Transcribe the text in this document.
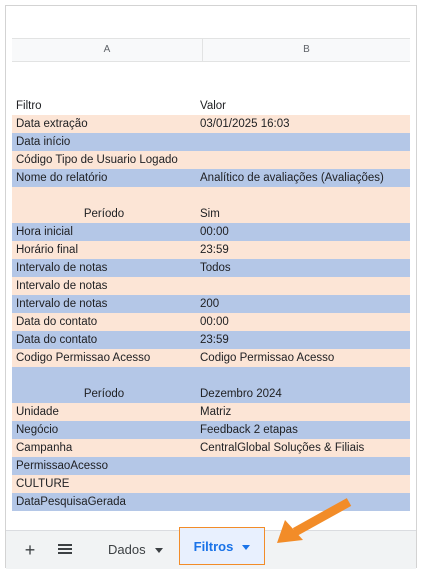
A	B
Filtro	Valor
Data extração	03/01/2025 16:03
Data início
Código Tipo de Usuario Logado
Nome do relatório	Analítico de avaliações (Avaliações)
Período	Sim
Hora inicial	00:00
Horário final	23:59
Intervalo de notas	Todos
Intervalo de notas
Intervalo de notas	200
Data do contato	00:00
Data do contato	23:59
Codigo Permissao Acesso	Codigo Permissao Acesso
Período	Dezembro 2024
Unidade	Matriz
Negócio	Feedback 2 etapas
Campanha	CentralGlobal Soluções & Filiais
PermissaoAcesso
CULTURE
DataPesquisaGerada
+	Dados	Filtros
